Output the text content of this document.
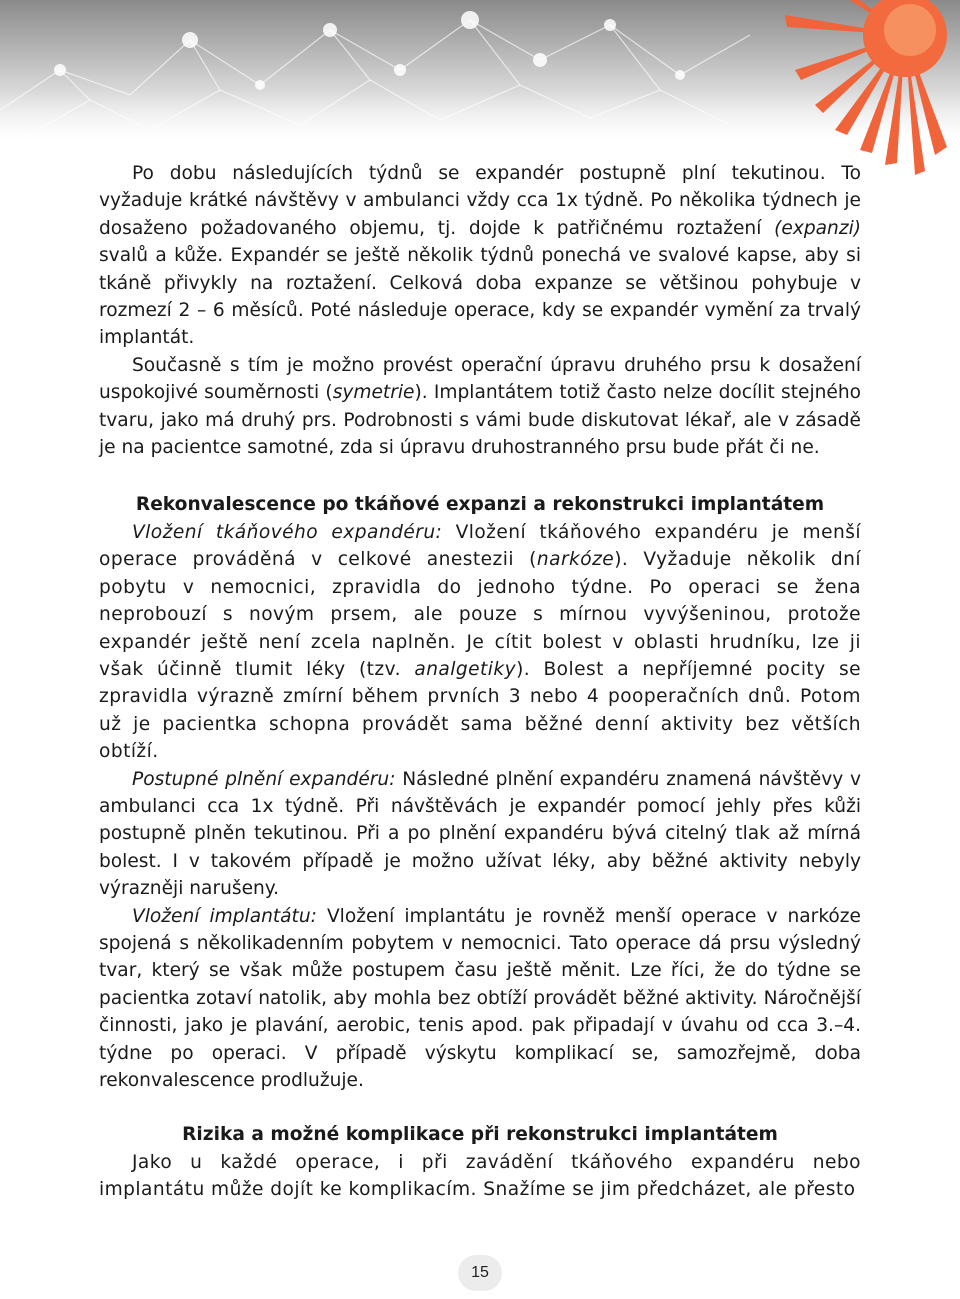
Po dobu následujících týdnů se expandér postupně plní tekutinou. To vyžaduje krátké návštěvy v ambulanci vždy cca 1x týdně. Po několika týdnech je dosaženo požadovaného objemu, tj. dojde k patřičnému roztažení (expanzi) svalů a kůže. Expandér se ještě několik týdnů ponechá ve svalové kapse, aby si tkáně přivykly na roztažení. Celková doba expanze se většinou pohybuje v rozmezí 2 – 6 měsíců. Poté následuje operace, kdy se expandér vymění za trvalý implantát.

Současně s tím je možno provést operační úpravu druhého prsu k dosažení uspokojivé souměrnosti (symetrie). Implantátem totiž často nelze docílit stejného tvaru, jako má druhý prs. Podrobnosti s vámi bude diskutovat lékař, ale v zásadě je na pacientce samotné, zda si úpravu druhostranného prsu bude přát či ne.

Rekonvalescence po tkáňové expanzi a rekonstrukci implantátem

Vložení tkáňového expandéru: Vložení tkáňového expandéru je menší operace prováděná v celkové anestezii (narkóze). Vyžaduje několik dní pobytu v nemocnici, zpravidla do jednoho týdne. Po operaci se žena neprobouzí s novým prsem, ale pouze s mírnou vyvýšeninou, protože expandér ještě není zcela naplněn. Je cítit bolest v oblasti hrudníku, lze ji však účinně tlumit léky (tzv. analgetiky). Bolest a nepříjemné pocity se zpravidla výrazně zmírní během prvních 3 nebo 4 pooperačních dnů. Potom už je pacientka schopna provádět sama běžné denní aktivity bez větších obtíží.

Postupné plnění expandéru: Následné plnění expandéru znamená návštěvy v ambulanci cca 1x týdně. Při návštěvách je expandér pomocí jehly přes kůži postupně plněn tekutinou. Při a po plnění expandéru bývá citelný tlak až mírná bolest. I v takovém případě je možno užívat léky, aby běžné aktivity nebyly výrazněji narušeny.

Vložení implantátu: Vložení implantátu je rovněž menší operace v narkóze spojená s několikadenním pobytem v nemocnici. Tato operace dá prsu výsledný tvar, který se však může postupem času ještě měnit. Lze říci, že do týdne se pacientka zotaví natolik, aby mohla bez obtíží provádět běžné aktivity. Náročnější činnosti, jako je plavání, aerobic, tenis apod. pak připadají v úvahu od cca 3.–4. týdne po operaci. V případě výskytu komplikací se, samozřejmě, doba rekonvalescence prodlužuje.

Rizika a možné komplikace při rekonstrukci implantátem

Jako u každé operace, i při zavádění tkáňového expandéru nebo implantátu může dojít ke komplikacím. Snažíme se jim předcházet, ale přesto

15
